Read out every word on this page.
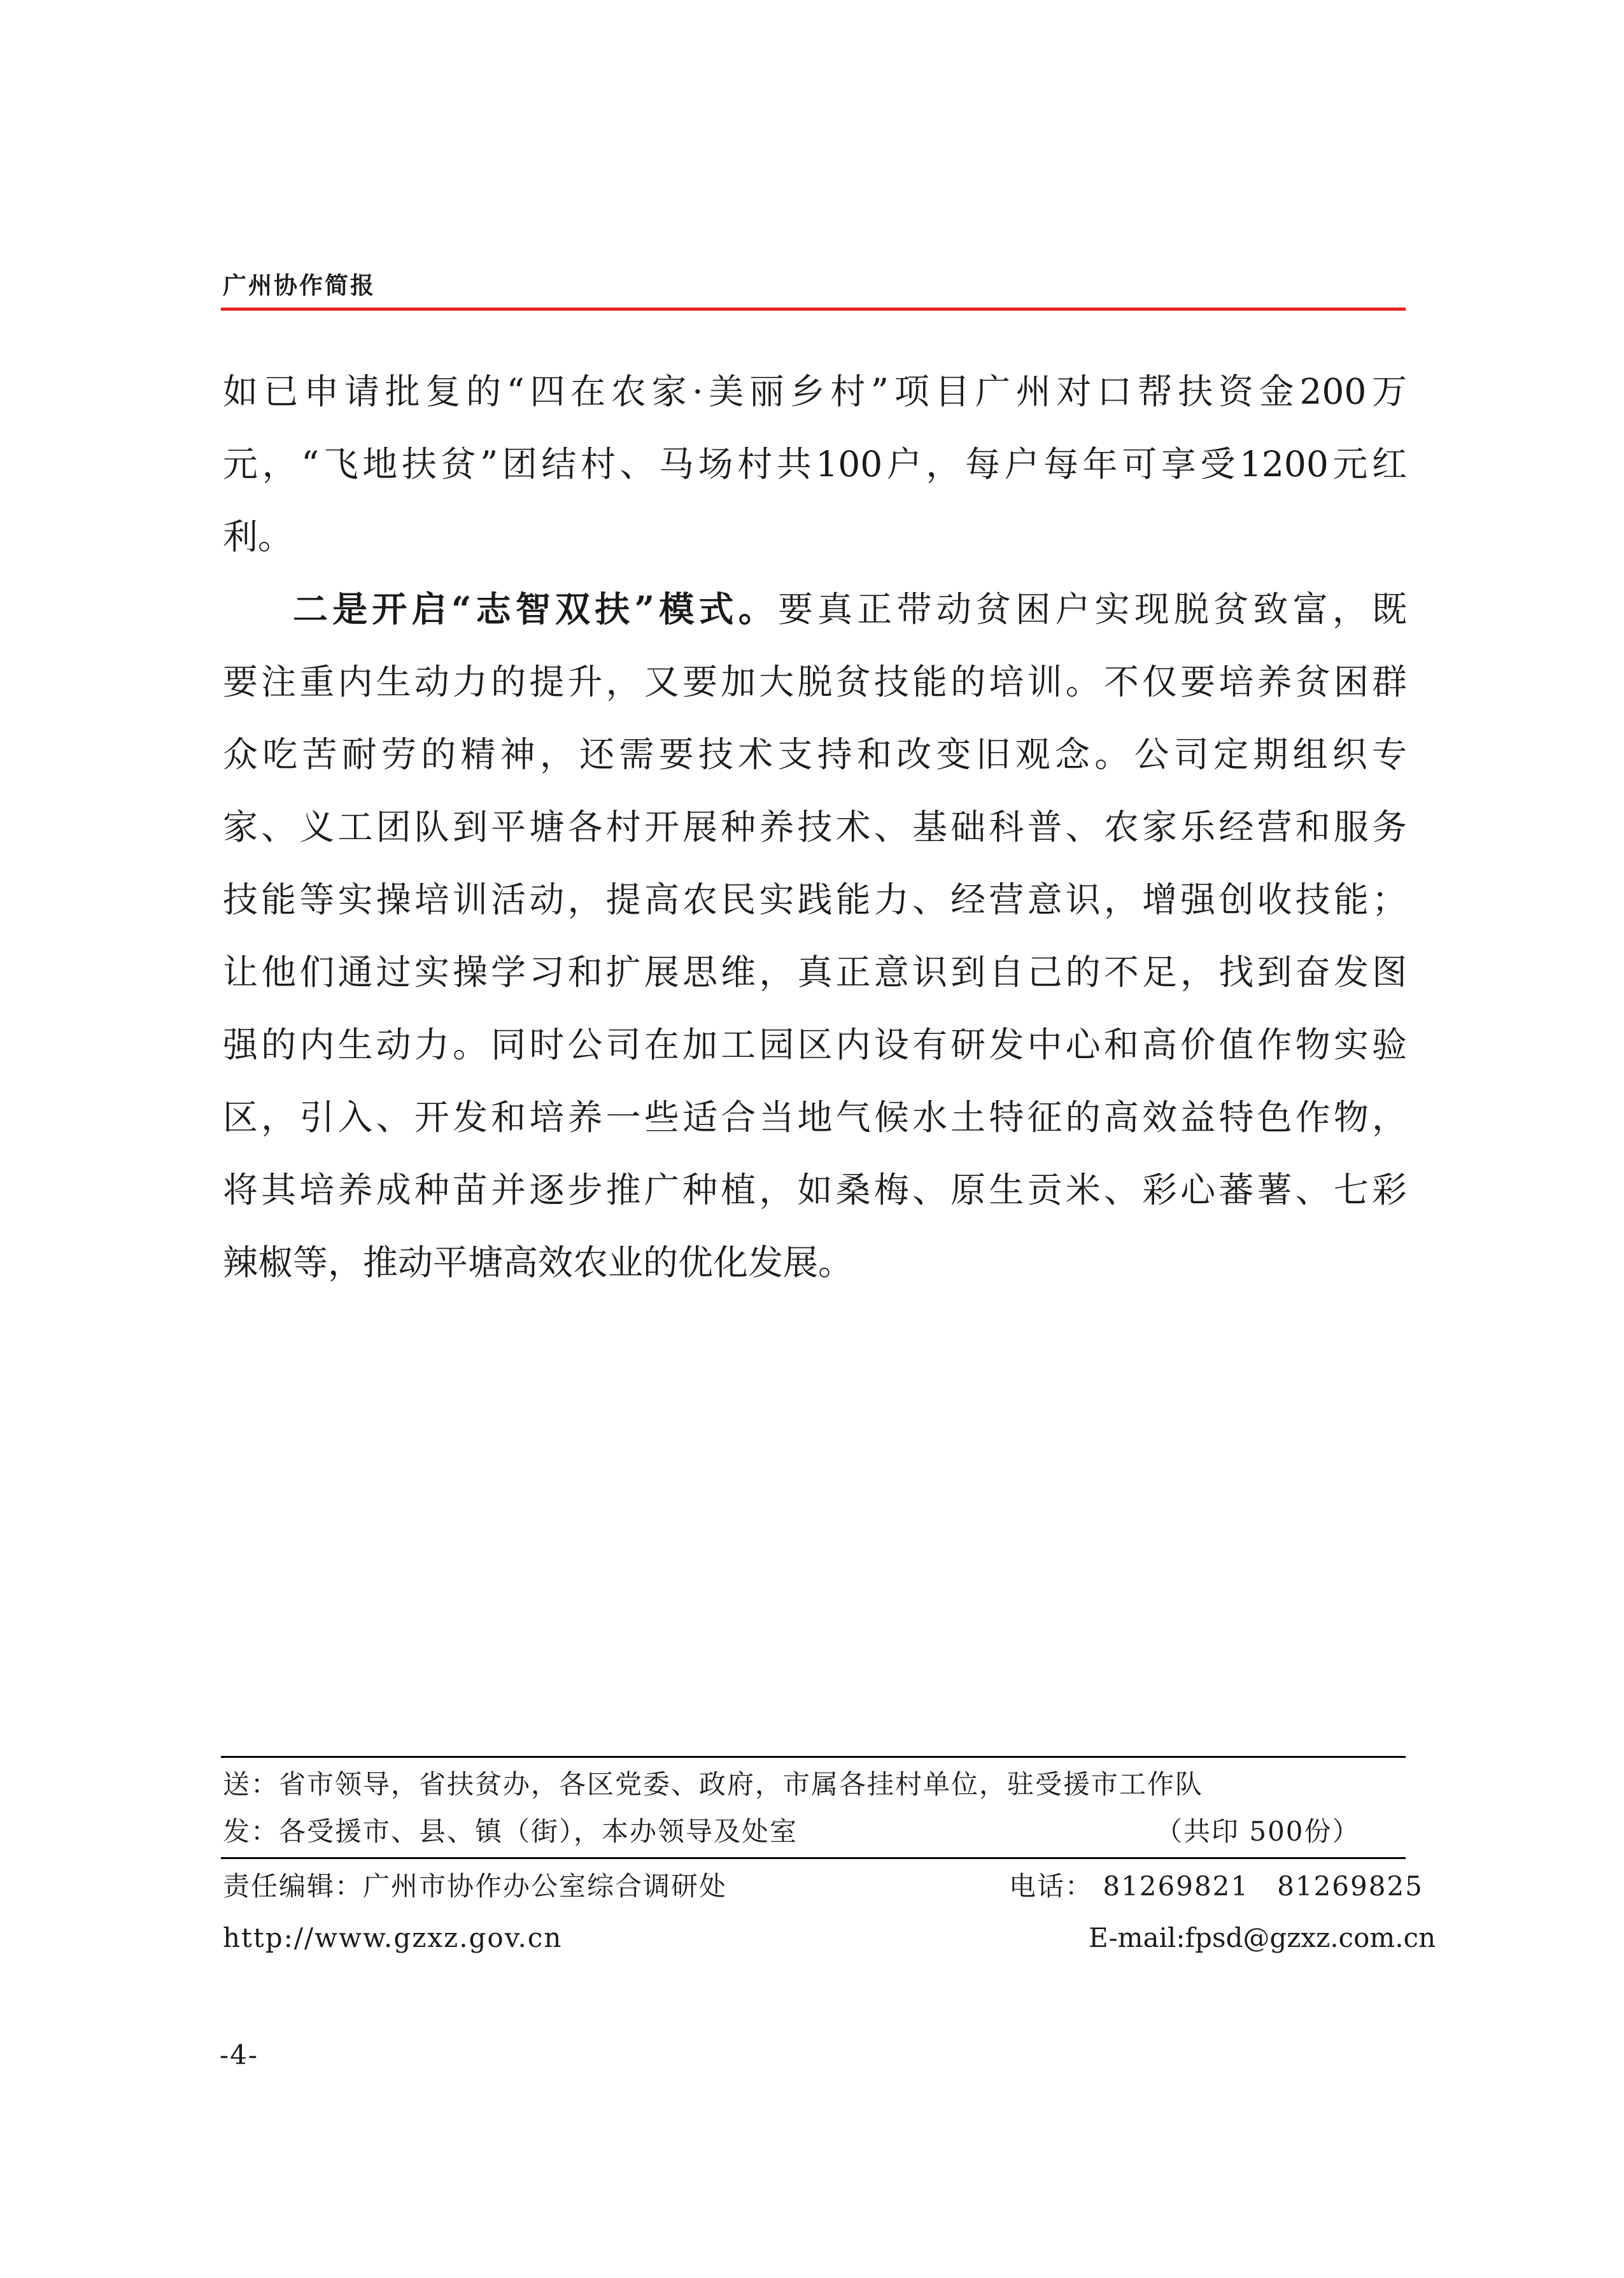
广州协作简报
如已申请批复的“四在农家·美丽乡村”项目广州对口帮扶资金200万
元，“飞地扶贫”团结村、马场村共100户，每户每年可享受1200元红
利。
二是开启“志智双扶”模式。要真正带动贫困户实现脱贫致富，既
要注重内生动力的提升，又要加大脱贫技能的培训。不仅要培养贫困群
众吃苦耐劳的精神，还需要技术支持和改变旧观念。公司定期组织专
家、义工团队到平塘各村开展种养技术、基础科普、农家乐经营和服务
技能等实操培训活动，提高农民实践能力、经营意识，增强创收技能；
让他们通过实操学习和扩展思维，真正意识到自己的不足，找到奋发图
强的内生动力。同时公司在加工园区内设有研发中心和高价值作物实验
区，引入、开发和培养一些适合当地气候水土特征的高效益特色作物，
将其培养成种苗并逐步推广种植，如桑梅、原生贡米、彩心蕃薯、七彩
辣椒等，推动平塘高效农业的优化发展。
送：省市领导，省扶贫办，各区党委、政府，市属各挂村单位，驻受援市工作队
发：各受援市、县、镇（街），本办领导及处室	（共印 500份）
责任编辑：广州市协作办公室综合调研处	电话： 81269821　81269825
http://www.gzxz.gov.cn	E-mail:fpsd@gzxz.com.cn
-4-
